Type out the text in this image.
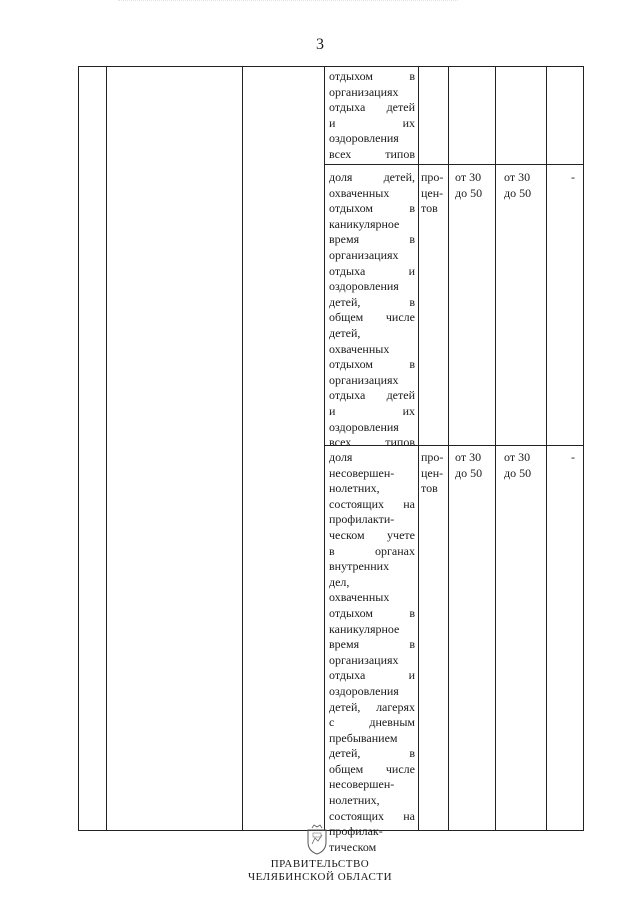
3
отдыхом в
организациях
отдыха детей
и их
оздоровления
всех типов
доля детей,
охваченных
отдыхом в
каникулярное
время в
организациях
отдыха и
оздоровления
детей, в
общем числе
детей,
охваченных
отдыхом в
организациях
отдыха детей
и их
оздоровления
всех типов
про-
цен-
тов
от 30
до 50
от 30
до 50
-
доля
несовершен-
нолетних,
состоящих на
профилакти-
ческом учете
в органах
внутренних
дел,
охваченных
отдыхом в
каникулярное
время в
организациях
отдыха и
оздоровления
детей, лагерях
с дневным
пребыванием
детей, в
общем числе
несовершен-
нолетних,
состоящих на
профилак-
тическом
про-
цен-
тов
от 30
до 50
от 30
до 50
-
ПРАВИТЕЛЬСТВО
ЧЕЛЯБИНСКОЙ ОБЛАСТИ
